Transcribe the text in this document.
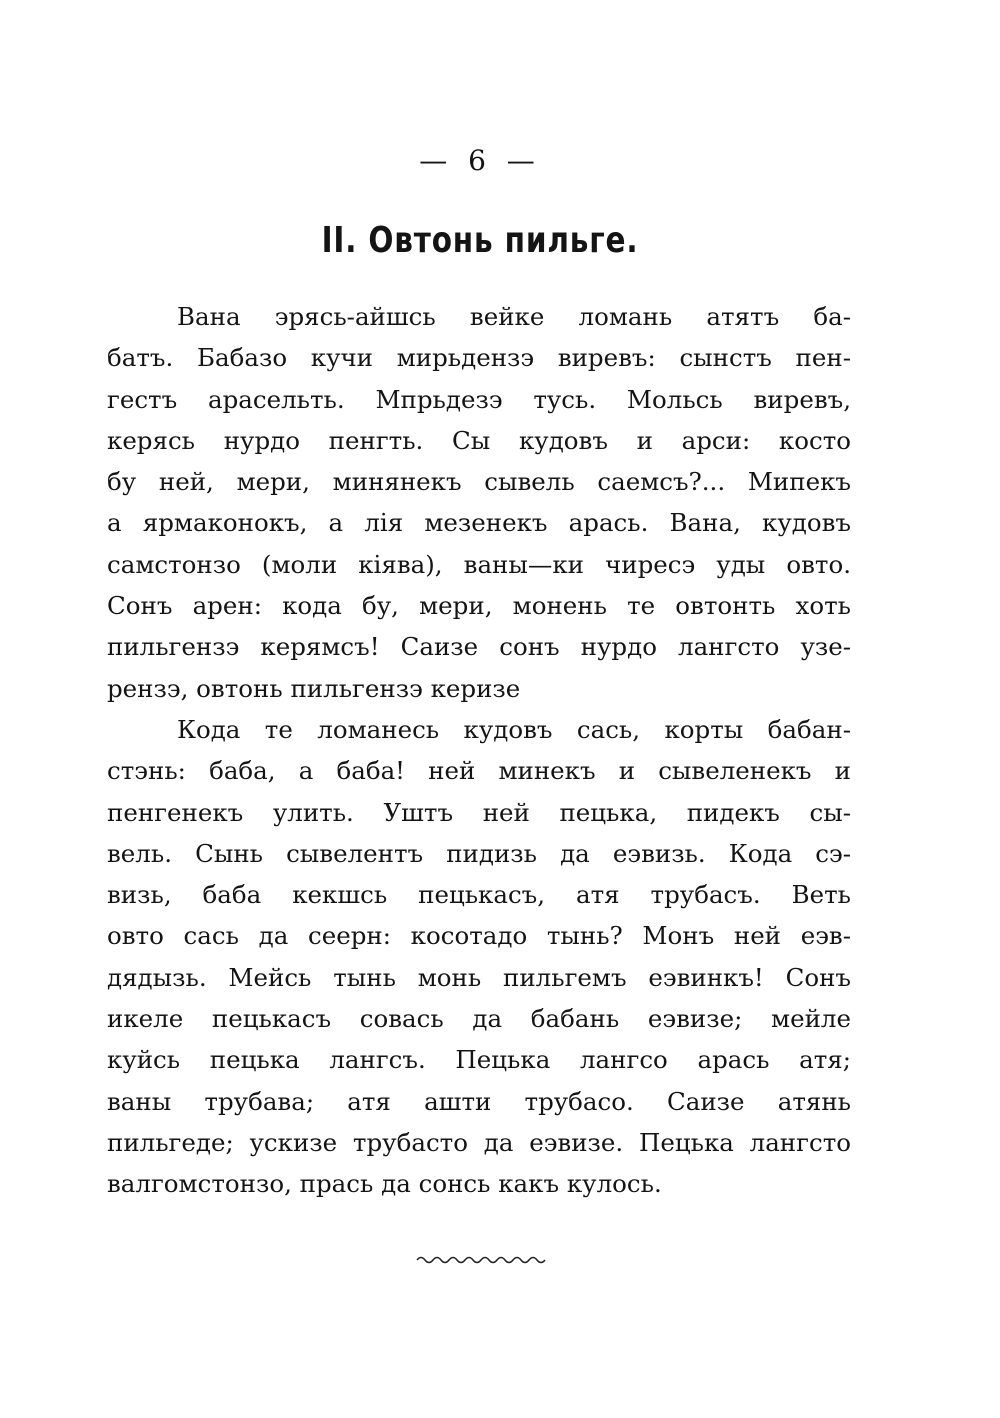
— 6 —
II. Овтонь пильге.
Вана эрясь-айшсь вейке ломань атятъ ба-
батъ. Бабазо кучи мирьдензэ виревъ: сынстъ пен-
гестъ аpaсельть. Мпрьдезэ тусь. Мольсь виревъ,
керясь нурдо пенгть. Сы кудовъ и арси: косто
бу ней, мери, минянекъ сывель саемсъ?... Мипекъ
а ярмаконокъ, а лiя мезенекъ арась. Вана, кудовъ
самстонзо (моли кiява), ваны—ки чиресэ уды овто.
Сонъ арен: кода бу, мери, монень те овтонть хоть
пильгензэ керямсъ! Саизе сонъ нурдо лангсто узе-
рензэ, овтонь пильгензэ керизе
Кода те ломанесь кудовъ сась, корты бабан-
стэнь: баба, а баба! ней минекъ и сывеленекъ и
пенгенекъ улить. Уштъ ней пецька, пидекъ сы-
вель. Сынь сывелентъ пидизь да еэвизь. Кода сэ-
визь, баба кекшсь пецькасъ, атя трубасъ. Веть
овто сась да сеерн: косотадо тынь? Монъ ней еэв-
дядызь. Мейсь тынь монь пильгемъ еэвинкъ! Сонъ
икеле пецькасъ совась да бабань еэвизе; мейле
куйсь пецька лангсъ. Пецька лангсо арась атя;
ваны трубава; атя ашти трубасо. Саизе атянь
пильгеде; ускизе трубасто да еэвизе. Пецька лангсто
валгомстонзо, прась да сонсь какъ кулось.
